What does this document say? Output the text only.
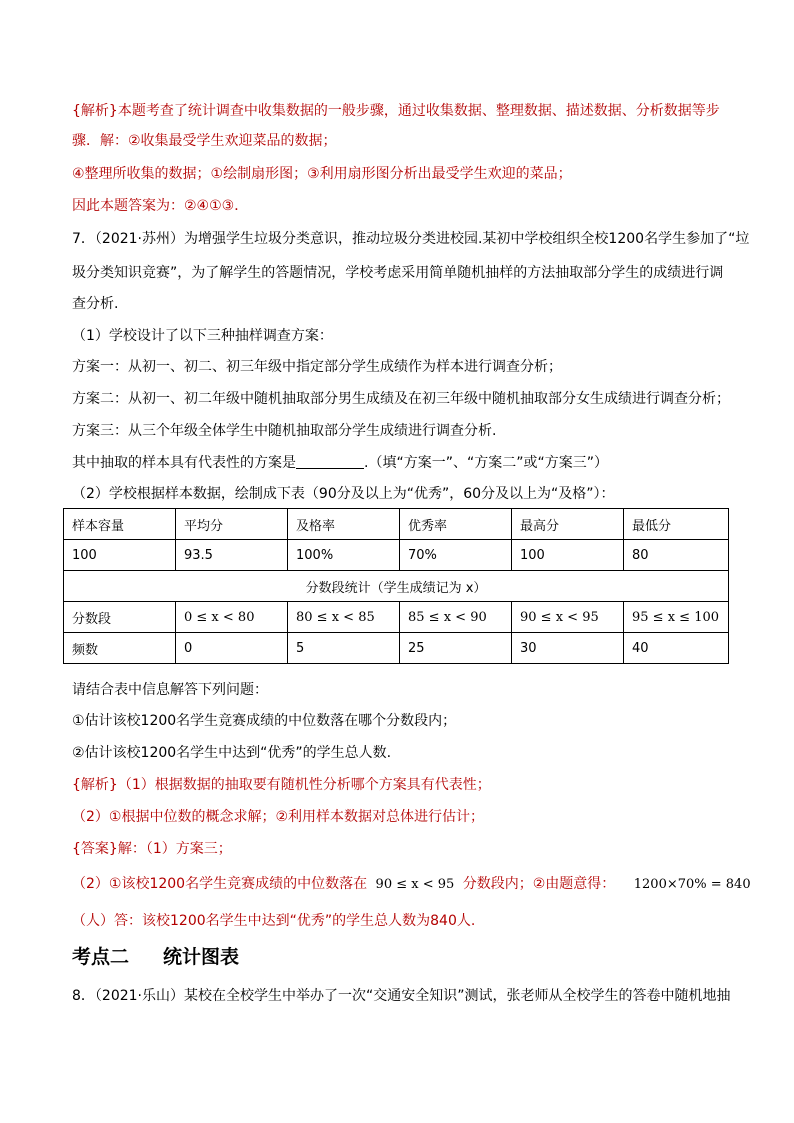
{解析}本题考查了统计调查中收集数据的一般步骤，通过收集数据、整理数据、描述数据、分析数据等步
骤．解：②收集最受学生欢迎菜品的数据；
④整理所收集的数据；①绘制扇形图；③利用扇形图分析出最受学生欢迎的菜品；
因此本题答案为：②④①③．
7．（2021·苏州）为增强学生垃圾分类意识，推动垃圾分类进校园.某初中学校组织全校1200名学生参加了“垃
圾分类知识竞赛”，为了解学生的答题情况，学校考虑采用简单随机抽样的方法抽取部分学生的成绩进行调
查分析.
（1）学校设计了以下三种抽样调查方案：
方案一：从初一、初二、初三年级中指定部分学生成绩作为样本进行调查分析；
方案二：从初一、初二年级中随机抽取部分男生成绩及在初三年级中随机抽取部分女生成绩进行调查分析；
方案三：从三个年级全体学生中随机抽取部分学生成绩进行调查分析.
其中抽取的样本具有代表性的方案是	.（填“方案一”、“方案二”或“方案三”）
（2）学校根据样本数据，绘制成下表（90分及以上为“优秀”，60分及以上为“及格”）：
样本容量	平均分	及格率	优秀率	最高分	最低分
100	93.5	100%	70%	100	80
分数段统计（学生成绩记为 x）					
分数段	0 ≤ x < 80	80 ≤ x < 85	85 ≤ x < 90	90 ≤ x < 95	95 ≤ x ≤ 100
频数	0	5	25	30	40
请结合表中信息解答下列问题：
①估计该校1200名学生竞赛成绩的中位数落在哪个分数段内；
②估计该校1200名学生中达到“优秀”的学生总人数.
{解析}（1）根据数据的抽取要有随机性分析哪个方案具有代表性；
（2）①根据中位数的概念求解；②利用样本数据对总体进行估计；
{答案}解：（1）方案三；
（2）①该校1200名学生竞赛成绩的中位数落在 90 ≤ x < 95 分数段内；②由题意得： 1200×70% = 840
（人）答：该校1200名学生中达到“优秀”的学生总人数为840人.
考点二 统计图表
8．（2021·乐山）某校在全校学生中举办了一次“交通安全知识”测试，张老师从全校学生的答卷中随机地抽
